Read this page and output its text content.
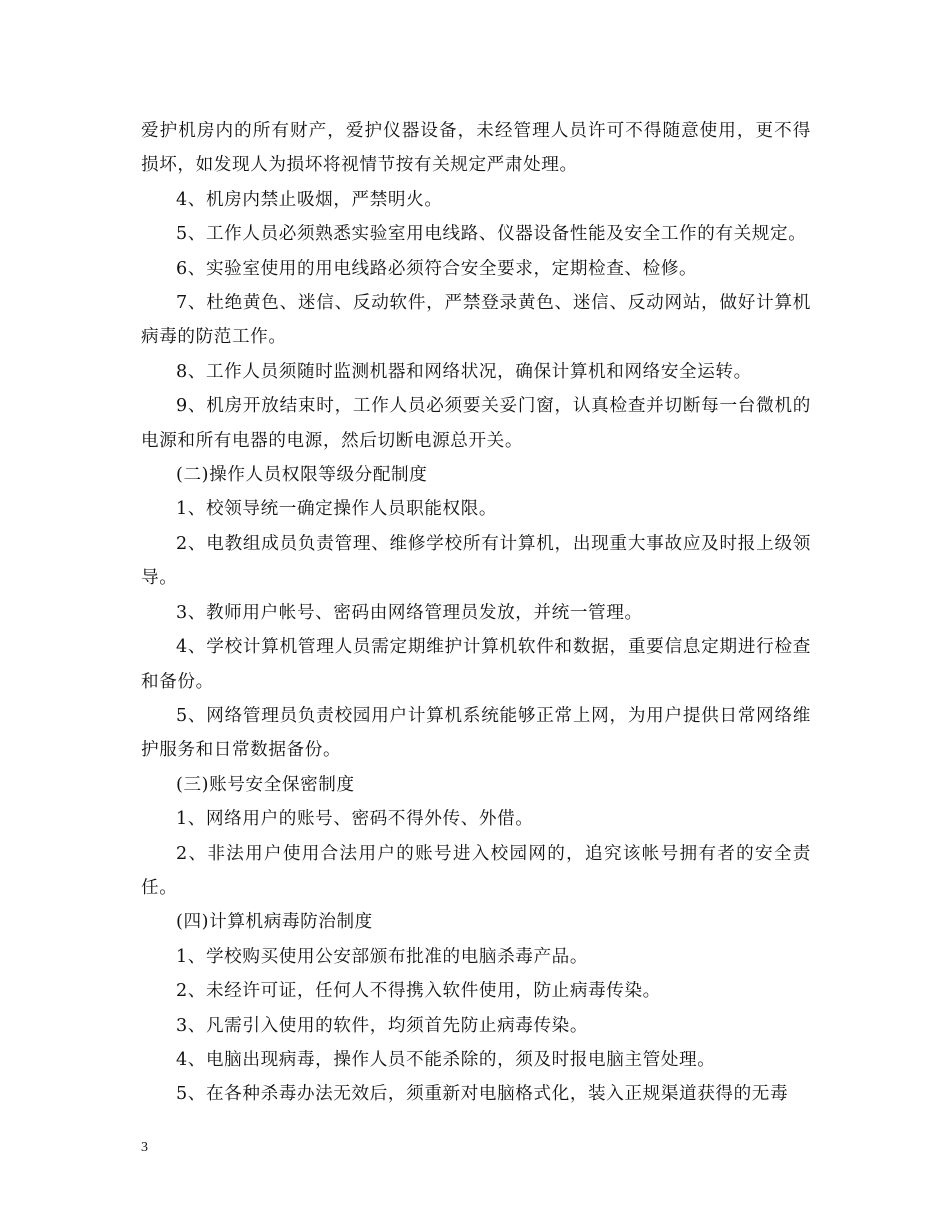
爱护机房内的所有财产，爱护仪器设备，未经管理人员许可不得随意使用，更不得损坏，如发现人为损坏将视情节按有关规定严肃处理。

4、机房内禁止吸烟，严禁明火。

5、工作人员必须熟悉实验室用电线路、仪器设备性能及安全工作的有关规定。

6、实验室使用的用电线路必须符合安全要求，定期检查、检修。

7、杜绝黄色、迷信、反动软件，严禁登录黄色、迷信、反动网站，做好计算机病毒的防范工作。

8、工作人员须随时监测机器和网络状况，确保计算机和网络安全运转。

9、机房开放结束时，工作人员必须要关妥门窗，认真检查并切断每一台微机的电源和所有电器的电源，然后切断电源总开关。

(二)操作人员权限等级分配制度

1、校领导统一确定操作人员职能权限。

2、电教组成员负责管理、维修学校所有计算机，出现重大事故应及时报上级领导。

3、教师用户帐号、密码由网络管理员发放，并统一管理。

4、学校计算机管理人员需定期维护计算机软件和数据，重要信息定期进行检查和备份。

5、网络管理员负责校园用户计算机系统能够正常上网，为用户提供日常网络维护服务和日常数据备份。

(三)账号安全保密制度

1、网络用户的账号、密码不得外传、外借。

2、非法用户使用合法用户的账号进入校园网的，追究该帐号拥有者的安全责任。

(四)计算机病毒防治制度

1、学校购买使用公安部颁布批准的电脑杀毒产品。

2、未经许可证，任何人不得携入软件使用，防止病毒传染。

3、凡需引入使用的软件，均须首先防止病毒传染。

4、电脑出现病毒，操作人员不能杀除的，须及时报电脑主管处理。

5、在各种杀毒办法无效后，须重新对电脑格式化，装入正规渠道获得的无毒

3
